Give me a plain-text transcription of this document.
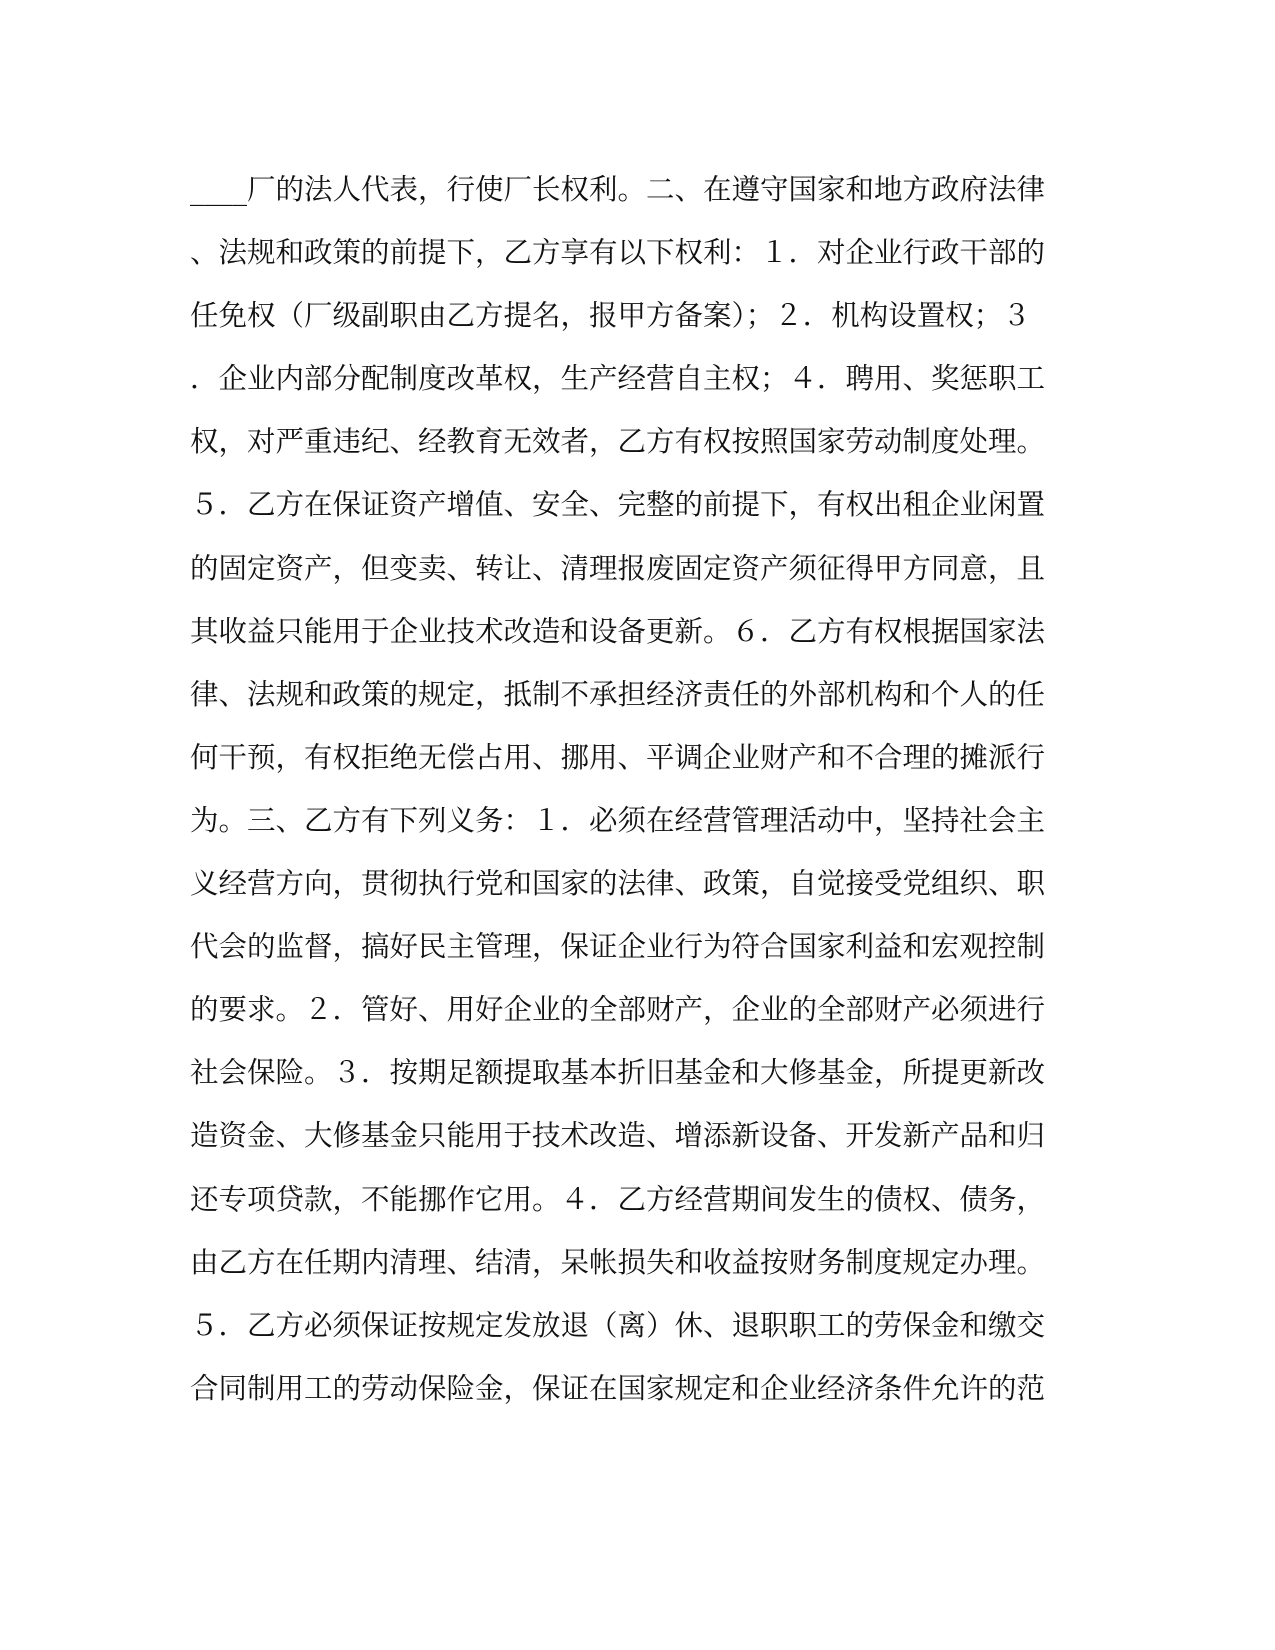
____厂的法人代表，行使厂长权利。二、在遵守国家和地方政府法律
、法规和政策的前提下，乙方享有以下权利：１．对企业行政干部的
任免权（厂级副职由乙方提名，报甲方备案）；２．机构设置权；３
．企业内部分配制度改革权，生产经营自主权；４．聘用、奖惩职工
权，对严重违纪、经教育无效者，乙方有权按照国家劳动制度处理。
５．乙方在保证资产增值、安全、完整的前提下，有权出租企业闲置
的固定资产，但变卖、转让、清理报废固定资产须征得甲方同意，且
其收益只能用于企业技术改造和设备更新。６．乙方有权根据国家法
律、法规和政策的规定，抵制不承担经济责任的外部机构和个人的任
何干预，有权拒绝无偿占用、挪用、平调企业财产和不合理的摊派行
为。三、乙方有下列义务：１．必须在经营管理活动中，坚持社会主
义经营方向，贯彻执行党和国家的法律、政策，自觉接受党组织、职
代会的监督，搞好民主管理，保证企业行为符合国家利益和宏观控制
的要求。２．管好、用好企业的全部财产，企业的全部财产必须进行
社会保险。３．按期足额提取基本折旧基金和大修基金，所提更新改
造资金、大修基金只能用于技术改造、增添新设备、开发新产品和归
还专项贷款，不能挪作它用。４．乙方经营期间发生的债权、债务，
由乙方在任期内清理、结清，呆帐损失和收益按财务制度规定办理。
５．乙方必须保证按规定发放退（离）休、退职职工的劳保金和缴交
合同制用工的劳动保险金，保证在国家规定和企业经济条件允许的范
